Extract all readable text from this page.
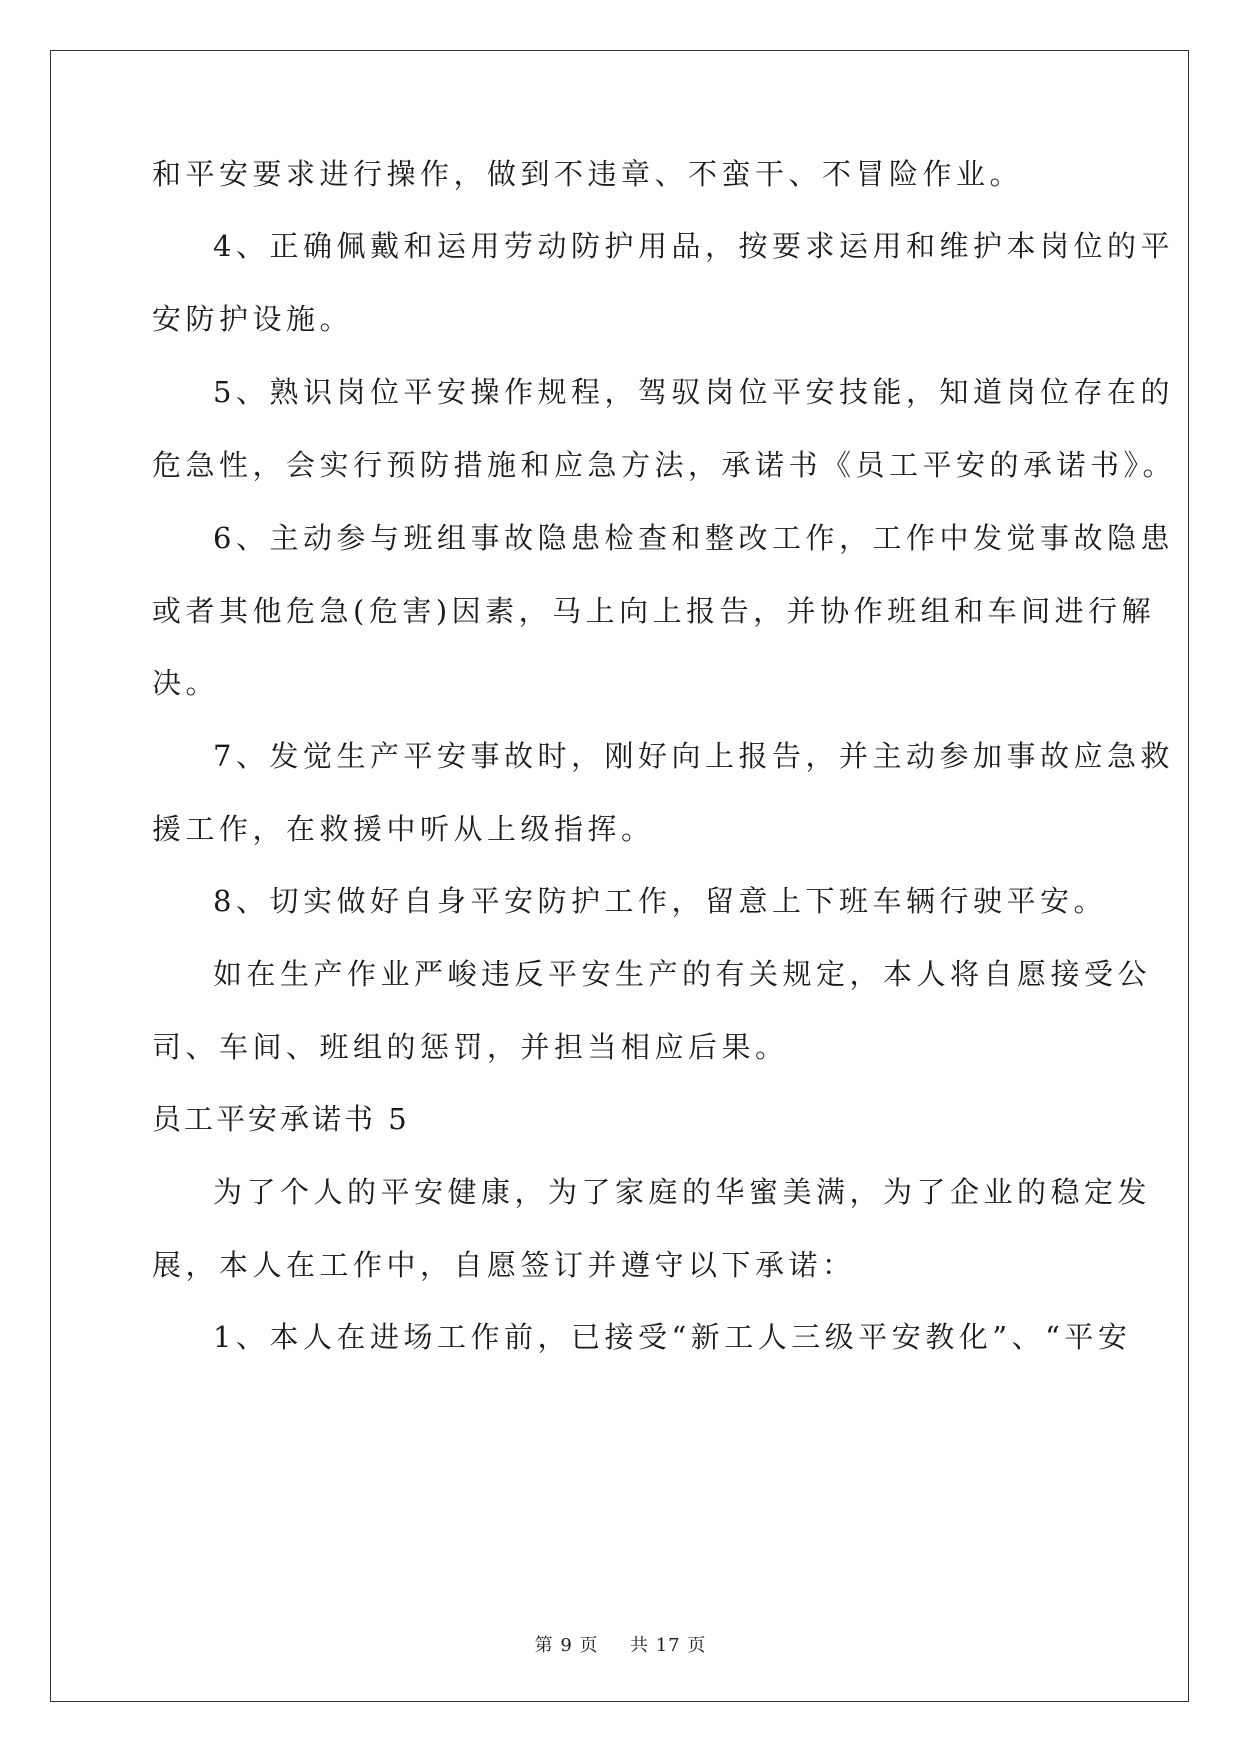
和平安要求进行操作，做到不违章、不蛮干、不冒险作业。
4、正确佩戴和运用劳动防护用品，按要求运用和维护本岗位的平
安防护设施。
5、熟识岗位平安操作规程，驾驭岗位平安技能，知道岗位存在的
危急性，会实行预防措施和应急方法，承诺书《员工平安的承诺书》。
6、主动参与班组事故隐患检查和整改工作，工作中发觉事故隐患
或者其他危急(危害)因素，马上向上报告，并协作班组和车间进行解
决。
7、发觉生产平安事故时，刚好向上报告，并主动参加事故应急救
援工作，在救援中听从上级指挥。
8、切实做好自身平安防护工作，留意上下班车辆行驶平安。
如在生产作业严峻违反平安生产的有关规定，本人将自愿接受公
司、车间、班组的惩罚，并担当相应后果。
员工平安承诺书 5
为了个人的平安健康，为了家庭的华蜜美满，为了企业的稳定发
展，本人在工作中，自愿签订并遵守以下承诺：
1、本人在进场工作前，已接受“新工人三级平安教化”、“平安
第 9 页 共 17 页
